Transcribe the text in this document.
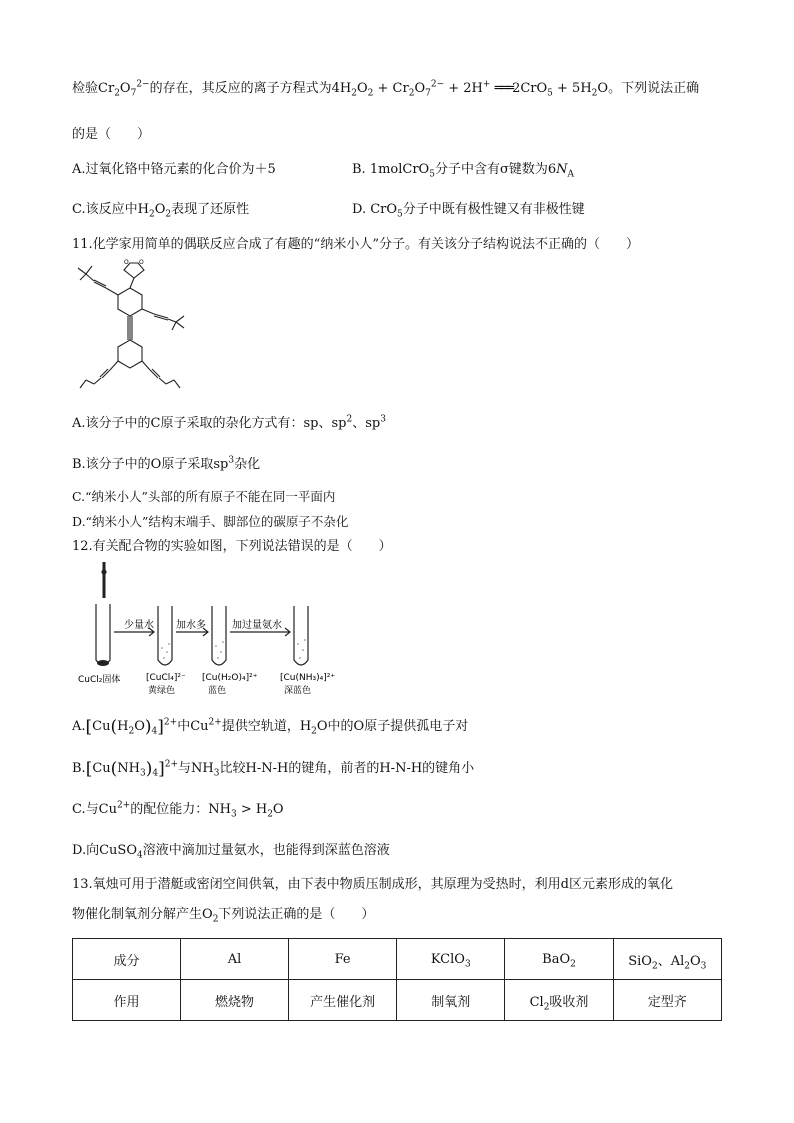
检验$Cr_2O_7^{2-}$的存在，其反应的离子方程式为$4H_2O_2 + Cr_2O_7^{2-} + 2H^+$ ═══2CrO$_5$ + $5H_2O$。下列说法正确
的是（　　）
A.过氧化铬中铬元素的化合价为＋5	B. 1molCrO$_5$分子中含有σ键数为$6N_A$
C.该反应中$H_2O_2$表现了还原性	D. CrO$_5$分子中既有极性键又有非极性键
11.化学家用简单的偶联反应合成了有趣的“纳米小人”分子。有关该分子结构说法不正确的（　　）
O O
A.该分子中的C原子采取的杂化方式有：sp、$sp^2$、$sp^3$
B.该分子中的O原子采取$sp^3$杂化
C.“纳米小人”头部的所有原子不能在同一平面内
D.“纳米小人”结构末端手、脚部位的碳原子不杂化
12.有关配合物的实验如图，下列说法错误的是（　　）
少量水 加水多	加过量氨水
CuCl₂固体	[CuCl₄]²⁻
黄绿色
[Cu(H₂O)₄]²⁺
蓝色
[Cu(NH₃)₄]²⁺
深蓝色
$A.[Cu(H_2O)_4]^{2+}$中$Cu^{2+}$提供空轨道，$H_2O$中的O原子提供孤电子对
$B.[Cu(NH_3)_4]^{2+}$与$NH_3$比较H-N-H的键角，前者的H-N-H的键角小
C.与$Cu^{2+}$的配位能力：$NH_3 > H_2O$
D.向CuSO$_4$溶液中滴加过量氨水，也能得到深蓝色溶液
13.氧烛可用于潜艇或密闭空间供氧，由下表中物质压制成形，其原理为受热时，利用d区元素形成的氧化
物催化制氧剂分解产生$O_2$下列说法正确的是（　　）
成分	Al	Fe	KClO$_3$	BaO$_2$	SiO$_2$、$Al_2O_3$
作用	燃烧物	产生催化剂	制氧剂	$Cl_2$吸收剂	定型齐
